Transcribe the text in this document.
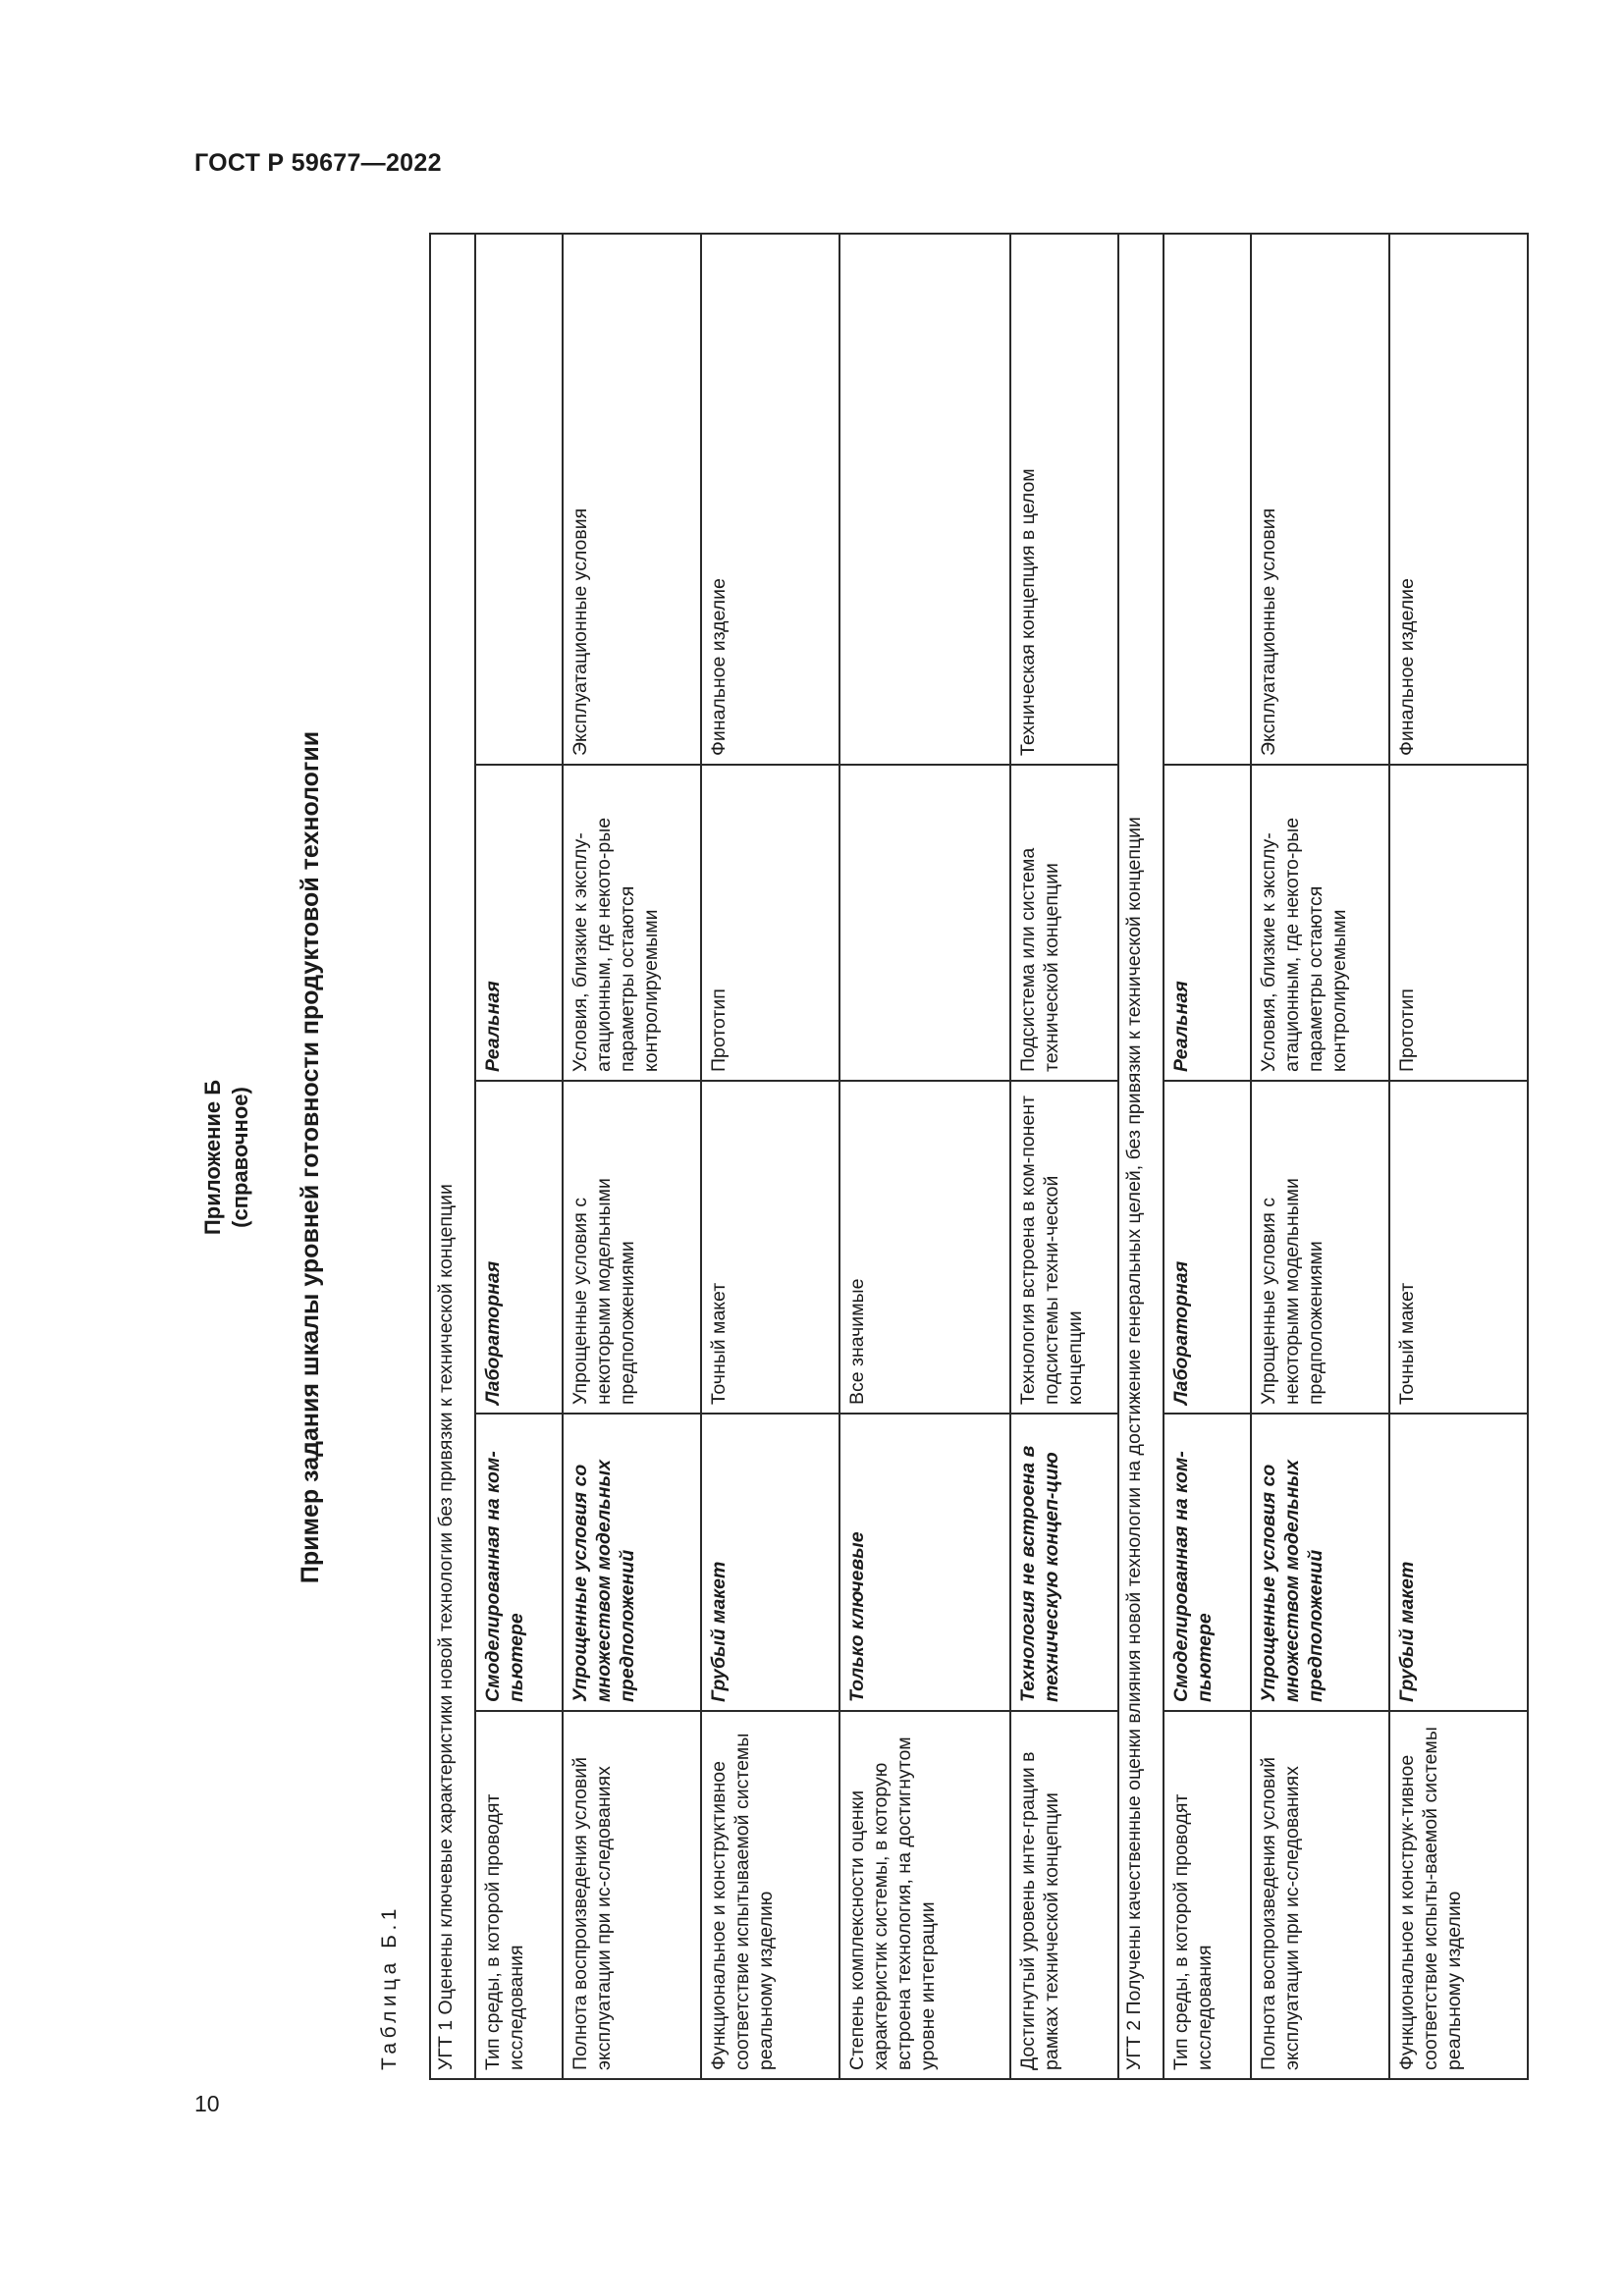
ГОСТ Р 59677—2022
10
Приложение Б (справочное) Пример задания шкалы уровней готовности продуктовой технологии
Таблица Б.1 УГТ 1 Оценены ключевые характеристики новой технологии без привязки к технической концепции				
Тип среды, в которой проводят исследования	Смоделированная на ком-пьютере	Лабораторная	Реальная	
Полнота воспроизведения условий эксплуатации при ис-следованиях	Упрощенные условия со множеством модельных предположений	Упрощенные условия с некоторыми модельными предположениями	Условия, близкие к эксплу-атационным, где некото-рые параметры остаются контролируемыми	Эксплуатационные условия
Функциональное и конструктивное соответствие испытываемой системы реальному изделию	Грубый макет	Точный макет	Прототип	Финальное изделие
Степень комплексности оценки характеристик системы, в которую встроена технология, на достигнутом уровне интеграции	Только ключевые	Все значимые		
Достигнутый уровень инте-грации в рамках технической концепции	Технология не встроена в техническую концеп-цию	Технология встроена в ком-понент подсистемы техни-ческой концепции	Подсистема или система технической концепции	Техническая концепция в целом
УГТ 2 Получены качественные оценки влияния новой технологии на достижение генеральных целей, без привязки к технической концепции				
Тип среды, в которой проводят исследования	Смоделированная на ком-пьютере	Лабораторная	Реальная	
Полнота воспроизведения условий эксплуатации при ис-следованиях	Упрощенные условия со множеством модельных предположений	Упрощенные условия с некоторыми модельными предположениями	Условия, близкие к эксплу-атационным, где некото-рые параметры остаются контролируемыми	Эксплуатационные условия
Функциональное и конструк-тивное соответствие испыты-ваемой системы реальному изделию	Грубый макет	Точный макет	Прототип	Финальное изделие
